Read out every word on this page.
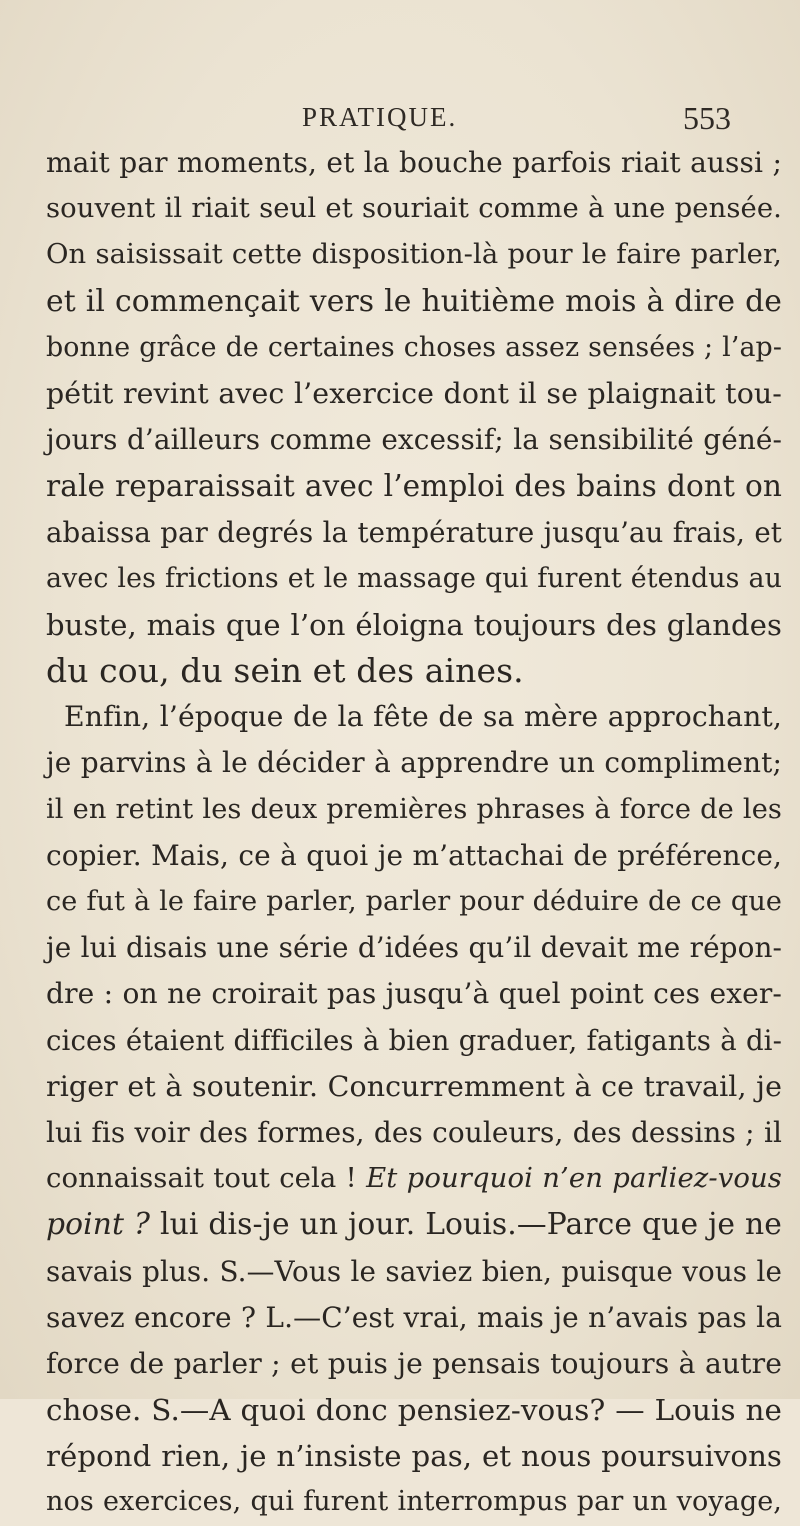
PRATIQUE.	553
mait par moments, et la bouche parfois riait aussi ;
souvent il riait seul et souriait comme à une pensée.
On saisissait cette disposition-là pour le faire parler,
et il commençait vers le huitième mois à dire de
bonne grâce de certaines choses assez sensées ; l’ap-
pétit revint avec l’exercice dont il se plaignait tou-
jours d’ailleurs comme excessif; la sensibilité géné-
rale reparaissait avec l’emploi des bains dont on
abaissa par degrés la température jusqu’au frais, et
avec les frictions et le massage qui furent étendus au
buste, mais que l’on éloigna toujours des glandes
du cou, du sein et des aines.
Enfin, l’époque de la fête de sa mère approchant,
je parvins à le décider à apprendre un compliment;
il en retint les deux premières phrases à force de les
copier. Mais, ce à quoi je m’attachai de préférence,
ce fut à le faire parler, parler pour déduire de ce que
je lui disais une série d’idées qu’il devait me répon-
dre : on ne croirait pas jusqu’à quel point ces exer-
cices étaient difficiles à bien graduer, fatigants à di-
riger et à soutenir. Concurremment à ce travail, je
lui fis voir des formes, des couleurs, des dessins ; il
connaissait tout cela ! Et pourquoi n’en parliez-vous
point ? lui dis-je un jour. Louis.—Parce que je ne
savais plus. S.—Vous le saviez bien, puisque vous le
savez encore ? L.—C’est vrai, mais je n’avais pas la
force de parler ; et puis je pensais toujours à autre
chose. S.—A quoi donc pensiez-vous? — Louis ne
répond rien, je n’insiste pas, et nous poursuivons
nos exercices, qui furent interrompus par un voyage,
